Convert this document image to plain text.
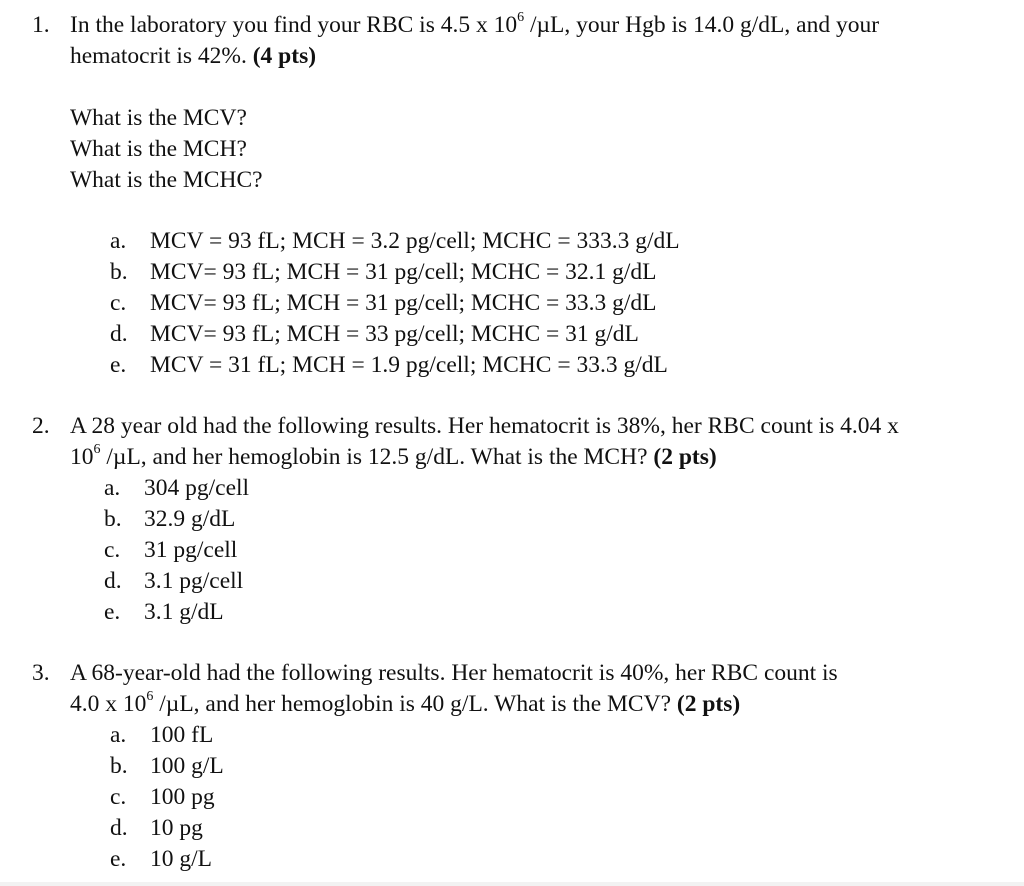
1. In the laboratory you find your RBC is 4.5 x $10^6$ /µL, your Hgb is 14.0 g/dL, and your
hematocrit is 42%. (4 pts)

What is the MCV?

What is the MCH?

What is the MCHC?

a. MCV = 93 fL; MCH = 3.2 pg/cell; MCHC = 333.3 g/dL
b. MCV= 93 fL; MCH = 31 pg/cell; MCHC = 32.1 g/dL
c. MCV= 93 fL; MCH = 31 pg/cell; MCHC = 33.3 g/dL
d. MCV= 93 fL; MCH = 33 pg/cell; MCHC = 31 g/dL
e. MCV = 31 fL; MCH = 1.9 pg/cell; MCHC = 33.3 g/dL
2. A 28 year old had the following results. Her hematocrit is 38%, her RBC count is 4.04 x
$10^6$ /µL, and her hemoglobin is 12.5 g/dL. What is the MCH? (2 pts)

a. 304 pg/cell
b. 32.9 g/dL
c. 31 pg/cell
d. 3.1 pg/cell
e. 3.1 g/dL
3. A 68-year-old had the following results. Her hematocrit is 40%, her RBC count is
4.0 x $10^6$ /µL, and her hemoglobin is 40 g/L. What is the MCV? (2 pts)

a. 100 fL
b. 100 g/L
c. 100 pg
d. 10 pg
e. 10 g/L
